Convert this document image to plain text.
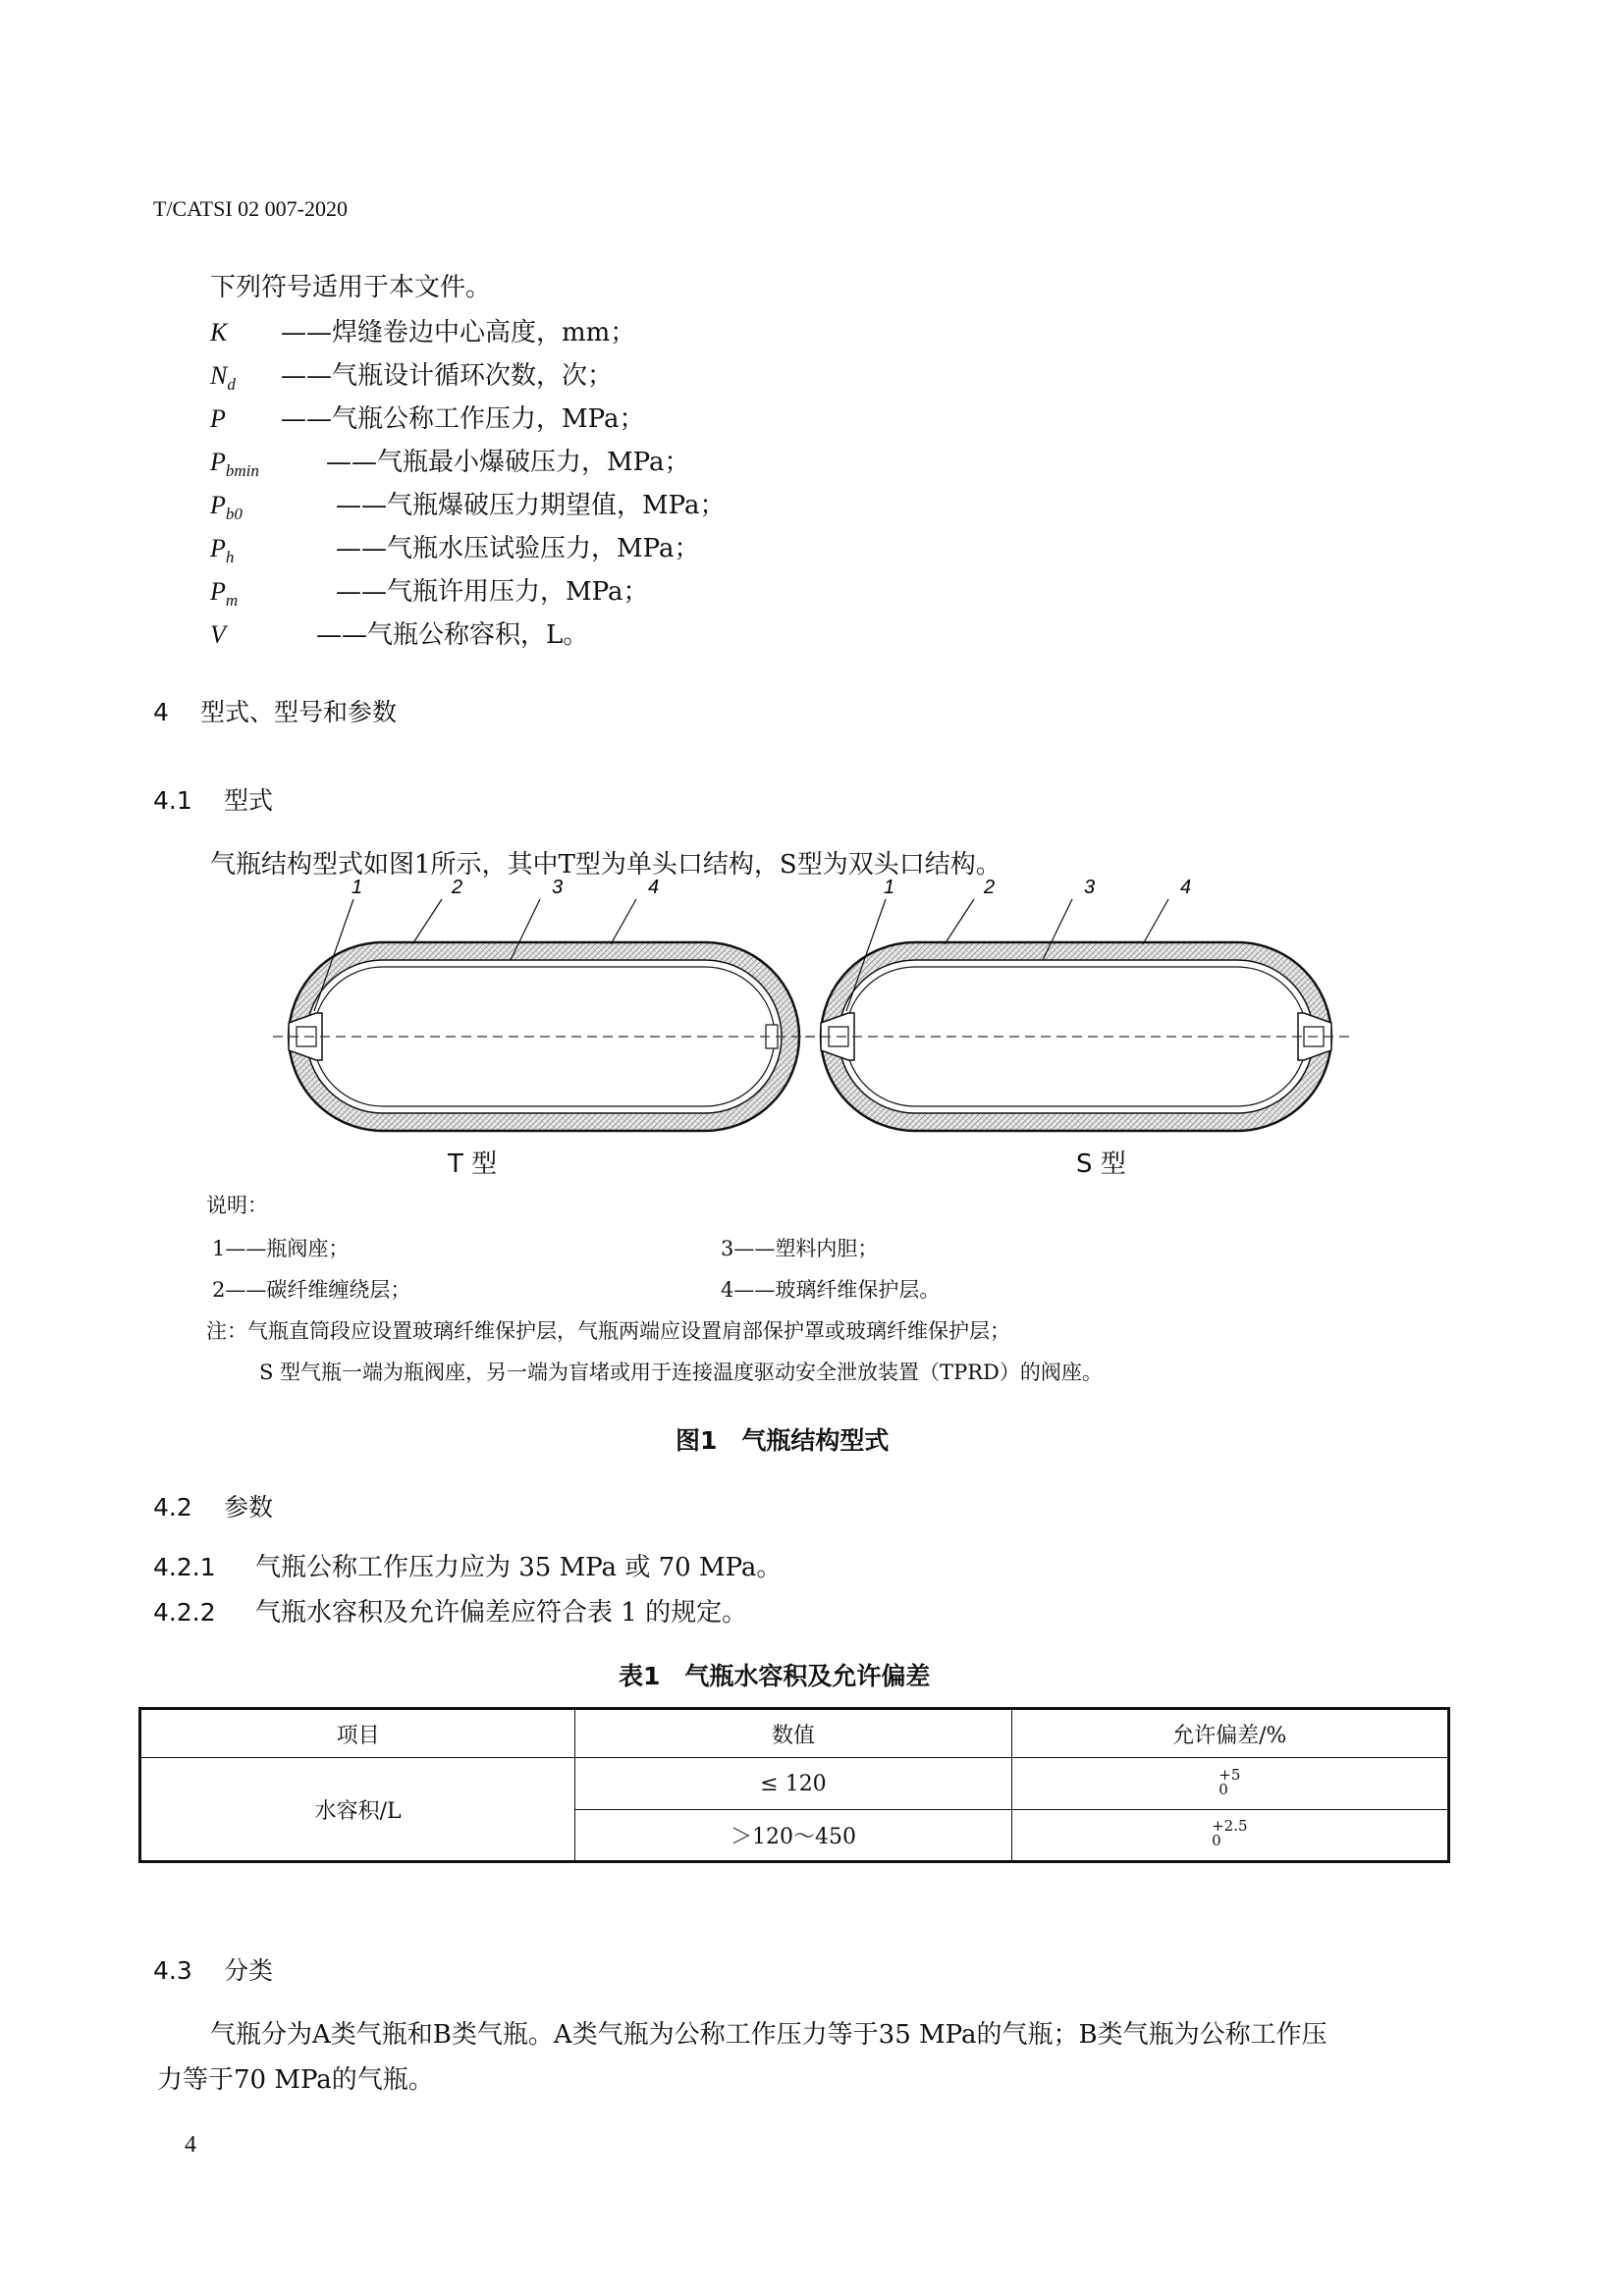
T/CATSI 02 007-2020
下列符号适用于本文件。
K ——焊缝卷边中心高度，mm；
$N_d$ ——气瓶设计循环次数，次；
P ——气瓶公称工作压力，MPa；
$P_{bmin}$	——气瓶最小爆破压力，MPa；
$P_{b0}$	——气瓶爆破压力期望值，MPa；
$P_h$	——气瓶水压试验压力，MPa；
$P_m$	——气瓶许用压力，MPa；
V	——气瓶公称容积，L。
4 型式、型号和参数
4.1 型式
气瓶结构型式如图1所示，其中T型为单头口结构，S型为双头口结构。
1	2	3	4	1	2	3	4
T 型	S 型
说明：
1——瓶阀座；	3——塑料内胆；
2——碳纤维缠绕层；	4——玻璃纤维保护层。
注：气瓶直筒段应设置玻璃纤维保护层，气瓶两端应设置肩部保护罩或玻璃纤维保护层；
S 型气瓶一端为瓶阀座，另一端为盲堵或用于连接温度驱动安全泄放装置（TPRD）的阀座。
图1　气瓶结构型式
4.2 参数
4.2.1 气瓶公称工作压力应为 35 MPa 或 70 MPa。
4.2.2 气瓶水容积及允许偏差应符合表 1 的规定。
表1　气瓶水容积及允许偏差
项目	数值	允许偏差/%
水容积/L	≤ 120	+5
0
	＞120～450	+2.5
0
4.3 分类
气瓶分为A类气瓶和B类气瓶。A类气瓶为公称工作压力等于35 MPa的气瓶；B类气瓶为公称工作压
力等于70 MPa的气瓶。
4
